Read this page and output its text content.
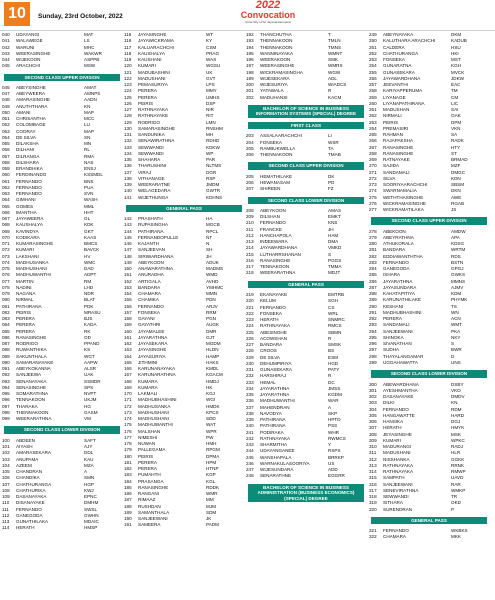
10	Sunday, 23rd October, 2022
2022
Convocation
University of Sri Jayewardenepura
040	UDAYANGI	MAT
041	WALAWEGE	LS
042	WARUNI	MHC
043	WEERASINGHE	WAKWR
044	WIJEKOON	ASPPB
045	ARACHCHI	MSW
SECOND CLASS UPPER DIVISION
045	ABEYSINGHE	AMAT
047	ABEYWEERA	AMNPS
048	AMARASINGHE	AADN
049	ANUTHTHARA	KN
050	AMANI	MAP
051	CHRISANTHA	MCC
052	COLOMBAGE	LU
053	COORAY	MAP
054	DE SILVA	SN
055	DILAKSHA	MN
056	DILHANI	RL
057	DILRANGA	RMA
058	DILSHARA	NAS
059	ERANDHIKA	ENSJ
060	FERDINANDO	KSSMDL
061	FERNANDO	BNS
062	FERNANDO	PUA
063	FERNANDO	SVN
064	GIMHANI	WASH
065	GOMES	MML
066	IMANTHA	HHT
067	JAYAWEERA	GL
068	KAUSHALYA	KDK
069	KAVINDYA	GKT
070	KODIKARA	KAAS
071	KUMARASINGHE	BMCS
072	KUMARI	BAVCK
073	LAKSHANI	HV
074	MADHUSANKA	WMC
075	MADHUSHANI	DAD
076	MADHUWANTHI	ADPT
077	MARTIN	RM
078	NADINI	LHD
079	NAGANA	NDR
080	NIRMAL	BLAT
081	PATHIRANA	PDK
082	PEIRIS	MRASU
083	PERERA	BJS
084	PERERA	KADA
085	PERERA	RK
086	RANASINGHE	OD
087	RODRIGO	PPAND
088	RUWANTHIKA	KS
089	SAKUNTHALA	WGT
090	SAMARANAYAKE	AAPW
091	ABEYKOKANNA	ALSR
092	SANJEEWA	UAK
093	SENANAYAKA	SSMDR
094	SENASINGHE	SPS
095	SOMARATHNA	NVPT
096	TENNAKOON	UKJM
097	THARAKA	HG
098	THENNAKOON	GASM
099	WEERARATHNA	VM
SECOND CLASS LOWER DIVISION
100	ABDEEN	SAFT
101	AIYASH	AJY
102	AMARASEKARA	DDL
103	ANUPAMA	KAU
104	AZEEM	MZA
105	CHANDRAN	A
106	CHANDIKA	SMN
107	CHATHURANGA	HGP
108	CHATHURIKA	KWJ
109	DASANAYAKA	EPNC
110	DISANAYAKE	DMHM
111	FERNANDO	SWSL
112	GANEGODA	GWHN
113	GUNATHILAKA	MDAIC
114	HERATH	HMSP
115	JAYASINGHE	WT
116	JAYAWICKRAMA	KY
117	KALUARACHCHI	CSM
118	KAUSHALYA	PRAG
119	KAUSHANI	WAS
120	KUMARI	WGSU
121	MADUBASHINI	UK
122	MADUSHANI	GVT
123	PEMASURIYA	LPS
124	PERERA	MMY
125	PERERA	UMHS
126	PEIRIS	DSP
127	RATHNAYAKA	NIR
128	RATHNAYAKE	RIT
129	RODRIGO	LMN
130	SAMARASINGHE	RNSHM
131	SANDUNIKA	MH
132	SENAWIRATHNA	RDHD
133	SEWWANDI	KDKW
134	SEWWANDI	WP
135	SHAHARA	PAR
136	THARUSHINI	NLTMS
137	VIRAJ	DGR
138	VITHANAGE	RSP
139	WEERARATNE	JMDM
140	WELAGEDARA	GWTR
141	WIJETHUNGA	KDHNS
GENERAL PASS
142	PRASHATH	HA
143	RUPASINGHA	MGCB
144	PATHIRANA	RPCL
145	FERNANDOPULLE	NT
146	KAJANTH	N
147	SANJEEVAN	SH
148	SIRIWARDHANA	JH
149	ABEYKOON	ADUK
150	ANAWARATHNA	MADMS
151	ANURADHA	WMD
152	ARTIGALA	AVHD
153	BANDARA	YMHMC
154	CHAMARA	MMN
155	CHAMIKA	PDN
156	FERNANDO	ARJV
157	FONSEKA	RRM
158	GAYANI	PGN
159	GAYATHRI	AUGK
160	JAYAMALEE	DMR
161	JAYARATHNA	GJT
162	JAYASEKARA	MGDM
163	JAYASINGHE	HLDN
164	JAYASURIYA	HAMP
165	JITHMINI	HAKS
166	KARUNANAYAKA	KMDL
167	KARUNARATHNA	KGACM
168	KUMARA	HMDJ
169	KUMARA	HK
170	LAKMALI	KGJ
171	MADHUBHASHINI	WGI
172	MADHUSANKA	HMDK
173	MADHUSHANI	KPCS
174	MADHUSHANI	SDD
175	MADHUWANTHI	WAT
176	MALSHAN	WPR
177	NIMESHI	PW
178	NUWAN	HMH
179	PALLEGAMA	RPGM
180	PEIRIS	DPMA
181	PERERA	HPM
182	PERERA	HTNP
183	PUMAHTH	KGP
184	PRASANGA	KGL
185	RANASINGHE	RDDK
186	RANGANI	WMR
187	RIMAAZ	MM
188	RUSHDAN	MJM
189	SAMANTHALA	SDM
190	SANJEEWANI	JK
191	SAMEERA	PADM
192	THANCHUTHA	T
193	THENNAKOON	TMLN
194	THENNAKOON	TMNS
195	WANNINAYAKA	WMNT
196	WEERAKOON	SMK
197	WEERASINGHE	WMRS
198	WICKRAMASINGHA	WGW
199	WIJESEKARA	ADL
200	WIJESURIYA	WIADCS
201	YATAWALA	R
202	MADUHANSI	KACM
BACHELOR OF SCIENCE IN BUSINESS INFORMATION SYSTEMS (SPECIAL) DEGREE
FIRST CLASS
203	ASSALAARACHCHI	LI
204	FONSEKA	WSR
205	RAMBUKWELLA	TA
206	THENNAKOON	TMAB
SECOND CLASS UPPER DIVISION
205	HEMATHILAKE	DK
206	HEWANASAM	PD
207	SHIREEN	FZ
SECOND CLASS LOWER DIVISION
208	ABEYKOON	AMAS
209	DILSHAN	EMKT
210	FERNANDO	KNS
211	FRANCKE	JH
212	HANCHAPOLA	HAM
213	INDEEWARA	DMA
214	JAYAWARDHANA	VMKD
215	LUTHARRSHANAN	S
216	RANASINGHE	PGGS
217	TENNAKOON	TMMA
218	WEERARATHNA	MDJT
GENERAL PASS
219	EKANAYAKE	EMTRB
220	KELUM	SGH
221	FERNANDO	CS
222	FONSEKA	WRL
223	HERATH	SNMRC
224	RATHNAYAKA	RMCS
225	ABESINGHE	SBMN
226	ACOWSHAN	R
227	BANDARA	SMSK
228	CROOS	BS
229	DE SILVA	ESM
230	DEHUMPIRIYA	HGD
231	GUNASEKARA	PATY
232	HARSHIRAJ	R
233	HEMAL	DC
234	JAYARATHNA	JMSS
235	JAYARATHNA	KGDM
236	MADHUWANTHI	WAR
237	MAHENDRAN	A
238	NAVODYA	SKP
239	PATHIRANA	HPTD
240	PATHIRANA	PSS
241	PODIRAKA	WHR
242	RATHNAYAKA	RWMCS
243	SHARMITHA	Y
244	UDAYANGANEE	RSPS
245	WANSHAPALA	BRRKP
246	WARNAKULASOORIYA	US
247	WIJESUNDARA	ADD
248	SENARATHNE	EGGRR
BACHELOR OF SCIENCE IN BUSINESS ADMINISTRATION (BUSINESS ECONOMICS) (SPECIAL) DEGREE
249	ABEYNAYAKA	DKM
250	KALUTHARA ARACHCHI	KADUB
251	CALDERA	HSU
252	CHATHURANGA	HKI
253	FONSEKA	MST
254	GUNARATNA	KGH
255	GUNASEKARA	MVCK
256	JAYAWARDHANA	JDKW
257	JEEVANTHI	EAC
258	KARIYAPPERUMA	TM
259	LIYANAGE	CM
260	LIYANAPATHIRANA	LIC
261	MADUSHAN	SAI
262	NIRMALI	OAK
263	PEIRIS	DPM
264	PREMASIRI	VKN
265	RAHMAN	SA
266	RAJAPAKSHA	RADK
267	RANASINGHE	HTY
268	RANASINGHE	ST
269	RATNAYAKE	BRMAD
270	SAJIDA	MZF
271	SANDAMALI	DMGC
272	SILVA	KDN
273	SOORIYAARACHCHI	SBSM
274	SWARNAMALIA	DKN
275	WETHTHASINGHE	AWE
276	WICKRAMASINGHE	RGAB
277	WICKRAMATILAKA	JS
SECOND CLASS UPPER DIVISION
278	ABEKOON	AMDW
279	ABEYRATHNA	APA
280	ATHUKORALA	KDSG
281	BANDARA	WRTM
282	EDDIAWANTHTHA	RDS
283	FERNANDO	BSTN
284	GANEGODA	GPGJ
285	ISHARA	GWKS
286	JAYARATHNA	MMNS
287	JAYASUNDARA	AJMV
288	KAHATAPITIYA	KDM
289	KARUNATHILAKE	PHYMK
290	KESHANI	TS
291	MADHUBHASHINI	WN
292	PERERA	ACN
293	SANDAMALI	WMT
294	SANJEEWANI	PKA
295	SHINOKA	NKY
296	SIVANATHAN	S
297	SUDHA	BWR
298	THAYALANGAMAR	D
299	UGGAHAWATTA	UNS
SECOND CLASS LOWER DIVISION
300	ABEWARDHANA	DSBY
301	AYESHMANTHA	VKO
302	DASANAYAKE	DMDV
303	DILKI	KN
304	FERNANDO	RDM
305	HANGAWATTE	HARD
306	HANSIKA	DGJ
307	HERATH	HMYK
308	JEYASINGHE	MSK
309	KUMARI	WPKC
310	MADURANGI	RADJ
311	MADUSHANI	HLR
312	NISSHANKA	GGKK
313	RATHNAYAKA	RRNK
314	RATHNAYAKA	RMWP
315	SAMPATH	UAVD
316	SANJEEWANI	RAR
317	SENEVIRATHNA	WMKP
318	SEWWANDI	TR
319	SITHARA	OKD
320	SURENDRAN	P
GENERAL PASS
321	FERNANDO	WKBKS
322	CHAMARA	MKK
